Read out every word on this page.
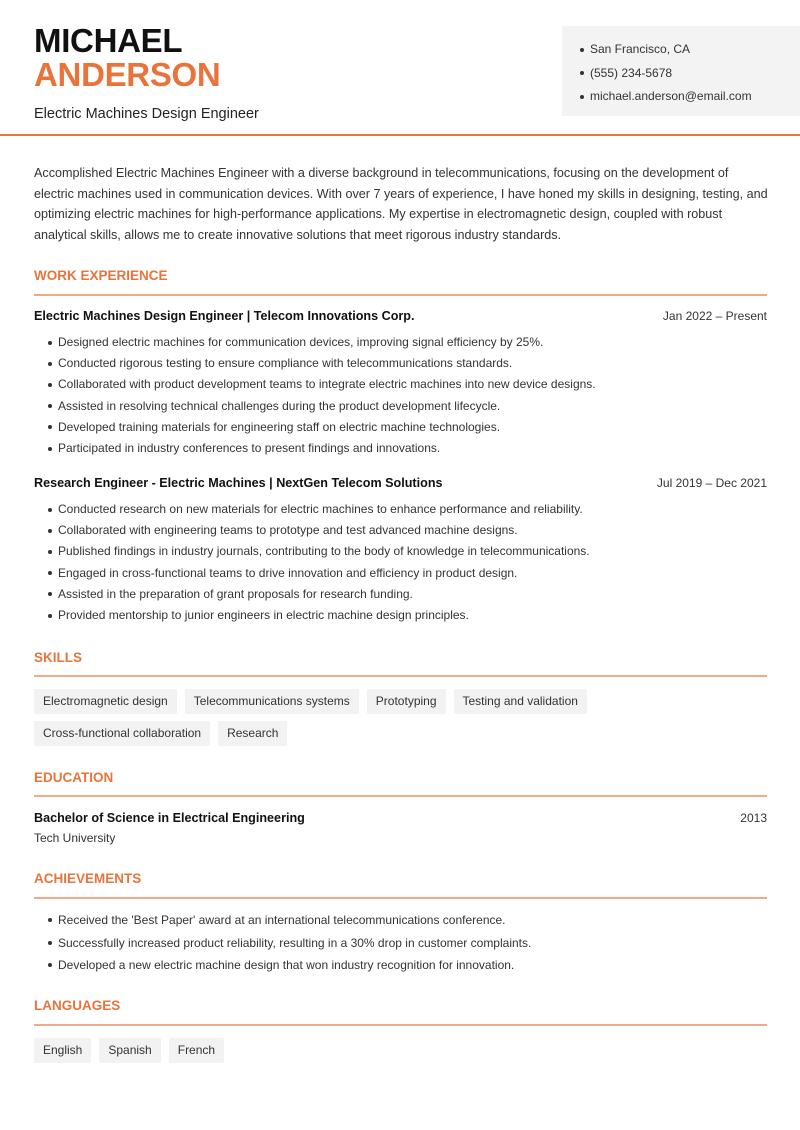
MICHAEL
ANDERSON
Electric Machines Design Engineer
San Francisco, CA
(555) 234-5678
michael.anderson@email.com

Accomplished Electric Machines Engineer with a diverse background in telecommunications, focusing on the development of electric machines used in communication devices. With over 7 years of experience, I have honed my skills in designing, testing, and optimizing electric machines for high-performance applications. My expertise in electromagnetic design, coupled with robust analytical skills, allows me to create innovative solutions that meet rigorous industry standards.

WORK EXPERIENCE
Electric Machines Design Engineer | Telecom Innovations Corp.	Jan 2022 – Present
Designed electric machines for communication devices, improving signal efficiency by 25%.
Conducted rigorous testing to ensure compliance with telecommunications standards.
Collaborated with product development teams to integrate electric machines into new device designs.
Assisted in resolving technical challenges during the product development lifecycle.
Developed training materials for engineering staff on electric machine technologies.
Participated in industry conferences to present findings and innovations.
Research Engineer - Electric Machines | NextGen Telecom Solutions	Jul 2019 – Dec 2021
Conducted research on new materials for electric machines to enhance performance and reliability.
Collaborated with engineering teams to prototype and test advanced machine designs.
Published findings in industry journals, contributing to the body of knowledge in telecommunications.
Engaged in cross-functional teams to drive innovation and efficiency in product design.
Assisted in the preparation of grant proposals for research funding.
Provided mentorship to junior engineers in electric machine design principles.
SKILLS
Electromagnetic design	Telecommunications systems	Prototyping	Testing and validation
Cross-functional collaboration	Research
EDUCATION
Bachelor of Science in Electrical Engineering	2013
Tech University
ACHIEVEMENTS
Received the 'Best Paper' award at an international telecommunications conference.
Successfully increased product reliability, resulting in a 30% drop in customer complaints.
Developed a new electric machine design that won industry recognition for innovation.
LANGUAGES
English	Spanish	French
